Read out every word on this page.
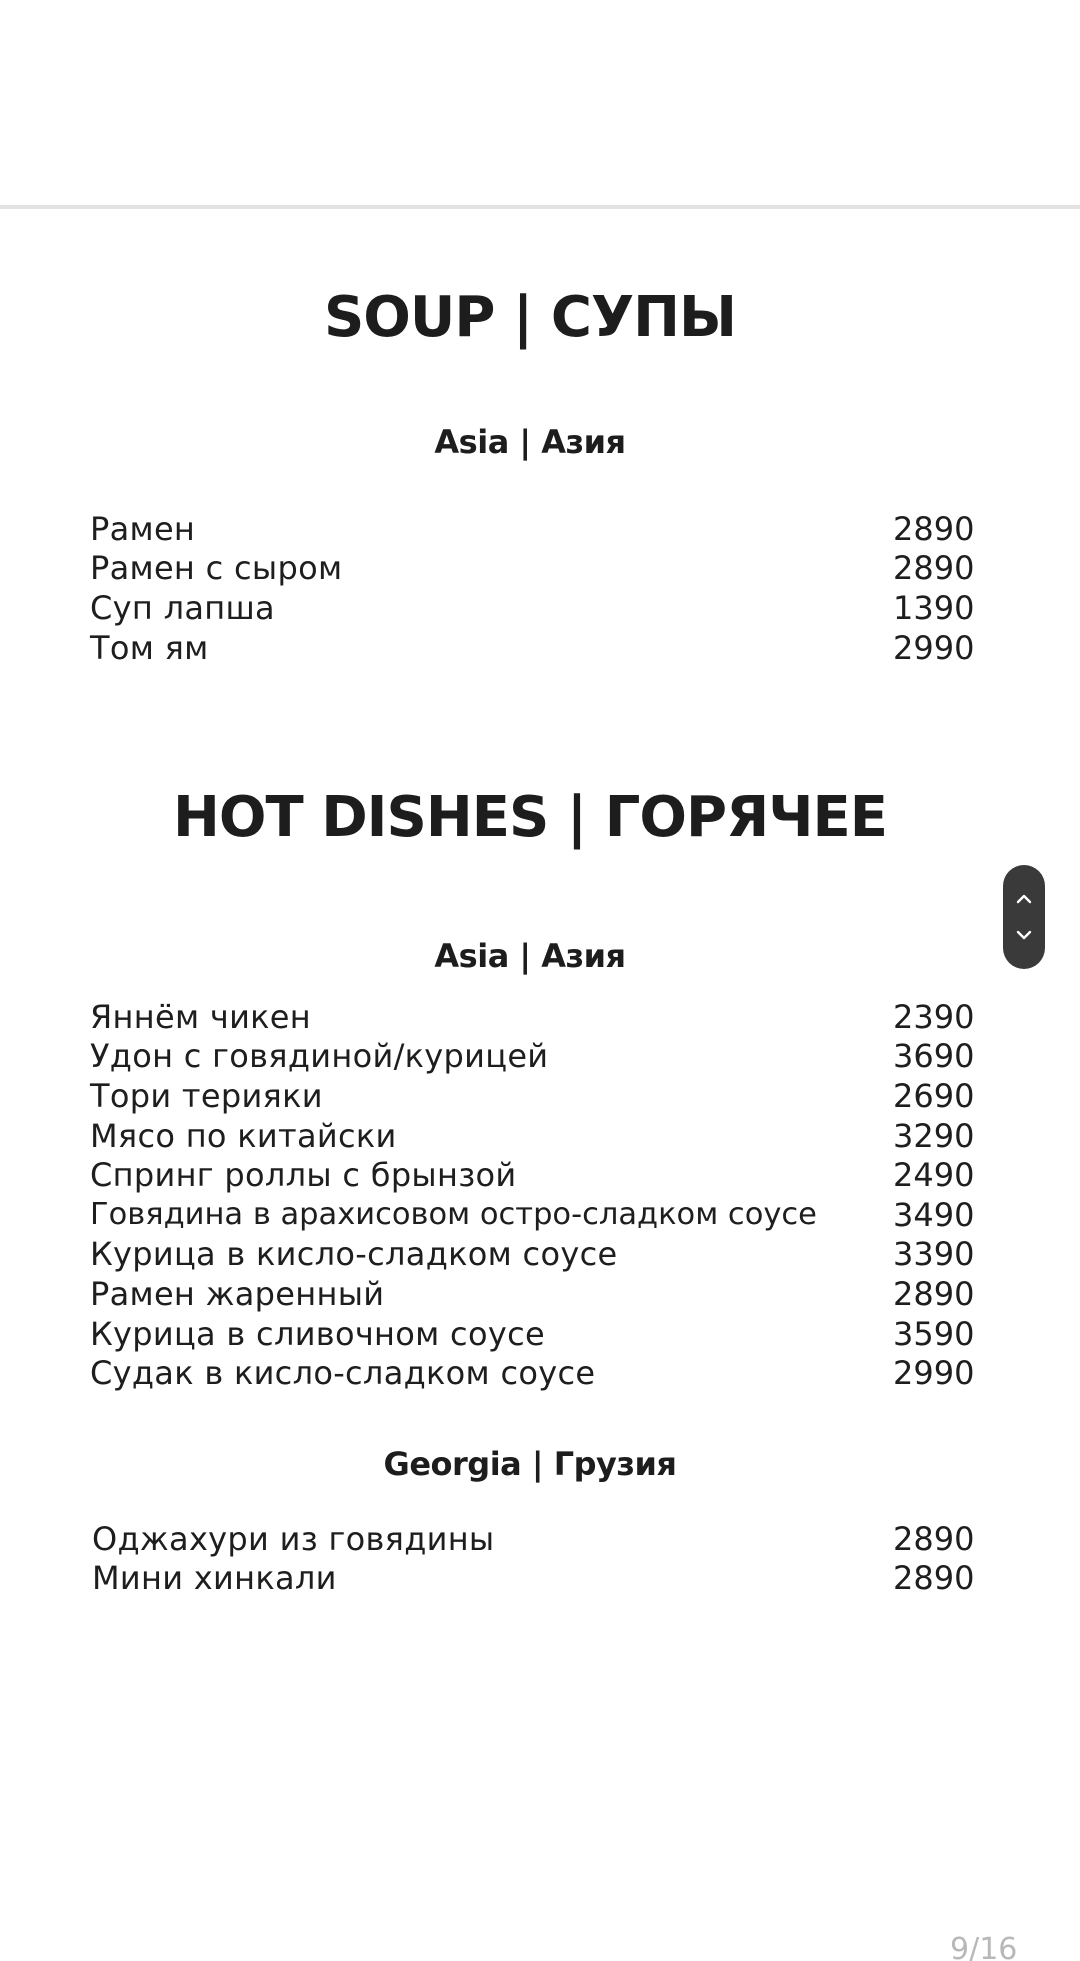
SOUP | СУПЫ
Asia | Азия
Рамен	2890
Рамен с сыром	2890
Суп лапша	1390
Том ям	2990
HOT DISHES | ГОРЯЧЕЕ
Asia | Азия
Яннём чикен	2390
Удон с говядиной/курицей	3690
Тори терияки	2690
Мясо по китайски	3290
Спринг роллы с брынзой	2490
Говядина в арахисовом остро-сладком соусе 3490
Курица в кисло-сладком соусе	3390
Рамен жаренный	2890
Курица в сливочном соусе	3590
Судак в кисло-сладком соусе	2990
Georgia | Грузия
Оджахури из говядины	2890
Мини хинкали	2890
9/16
